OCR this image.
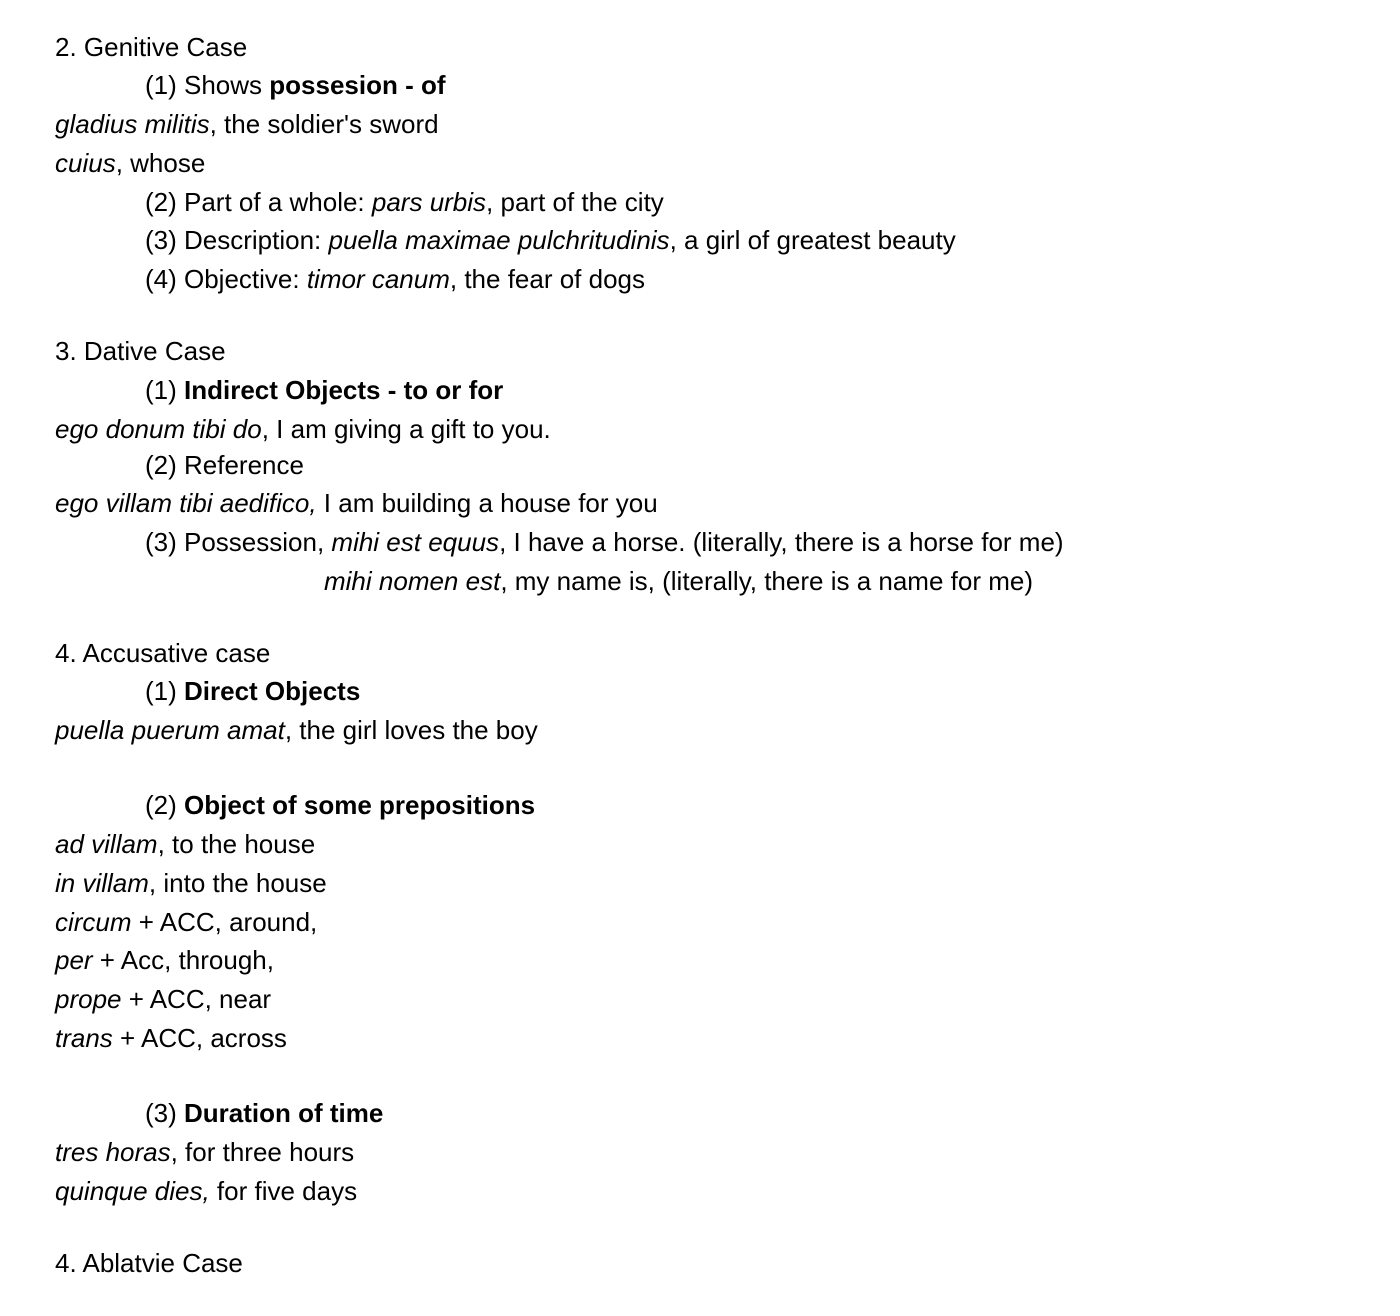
2. Genitive Case
(1) Shows possesion - of
gladius militis, the soldier's sword
cuius, whose
(2) Part of a whole: pars urbis, part of the city
(3) Description: puella maximae pulchritudinis, a girl of greatest beauty
(4) Objective: timor canum, the fear of dogs
3. Dative Case
(1) Indirect Objects - to or for
ego donum tibi do, I am giving a gift to you.
(2) Reference
ego villam tibi aedifico, I am building a house for you
(3) Possession, mihi est equus, I have a horse. (literally, there is a horse for me)
mihi nomen est, my name is, (literally, there is a name for me)
4. Accusative case
(1) Direct Objects
puella puerum amat, the girl loves the boy
(2) Object of some prepositions
ad villam, to the house
in villam, into the house
circum + ACC, around,
per + Acc, through,
prope + ACC, near
trans + ACC, across
(3) Duration of time
tres horas, for three hours
quinque dies, for five days
4. Ablatvie Case
